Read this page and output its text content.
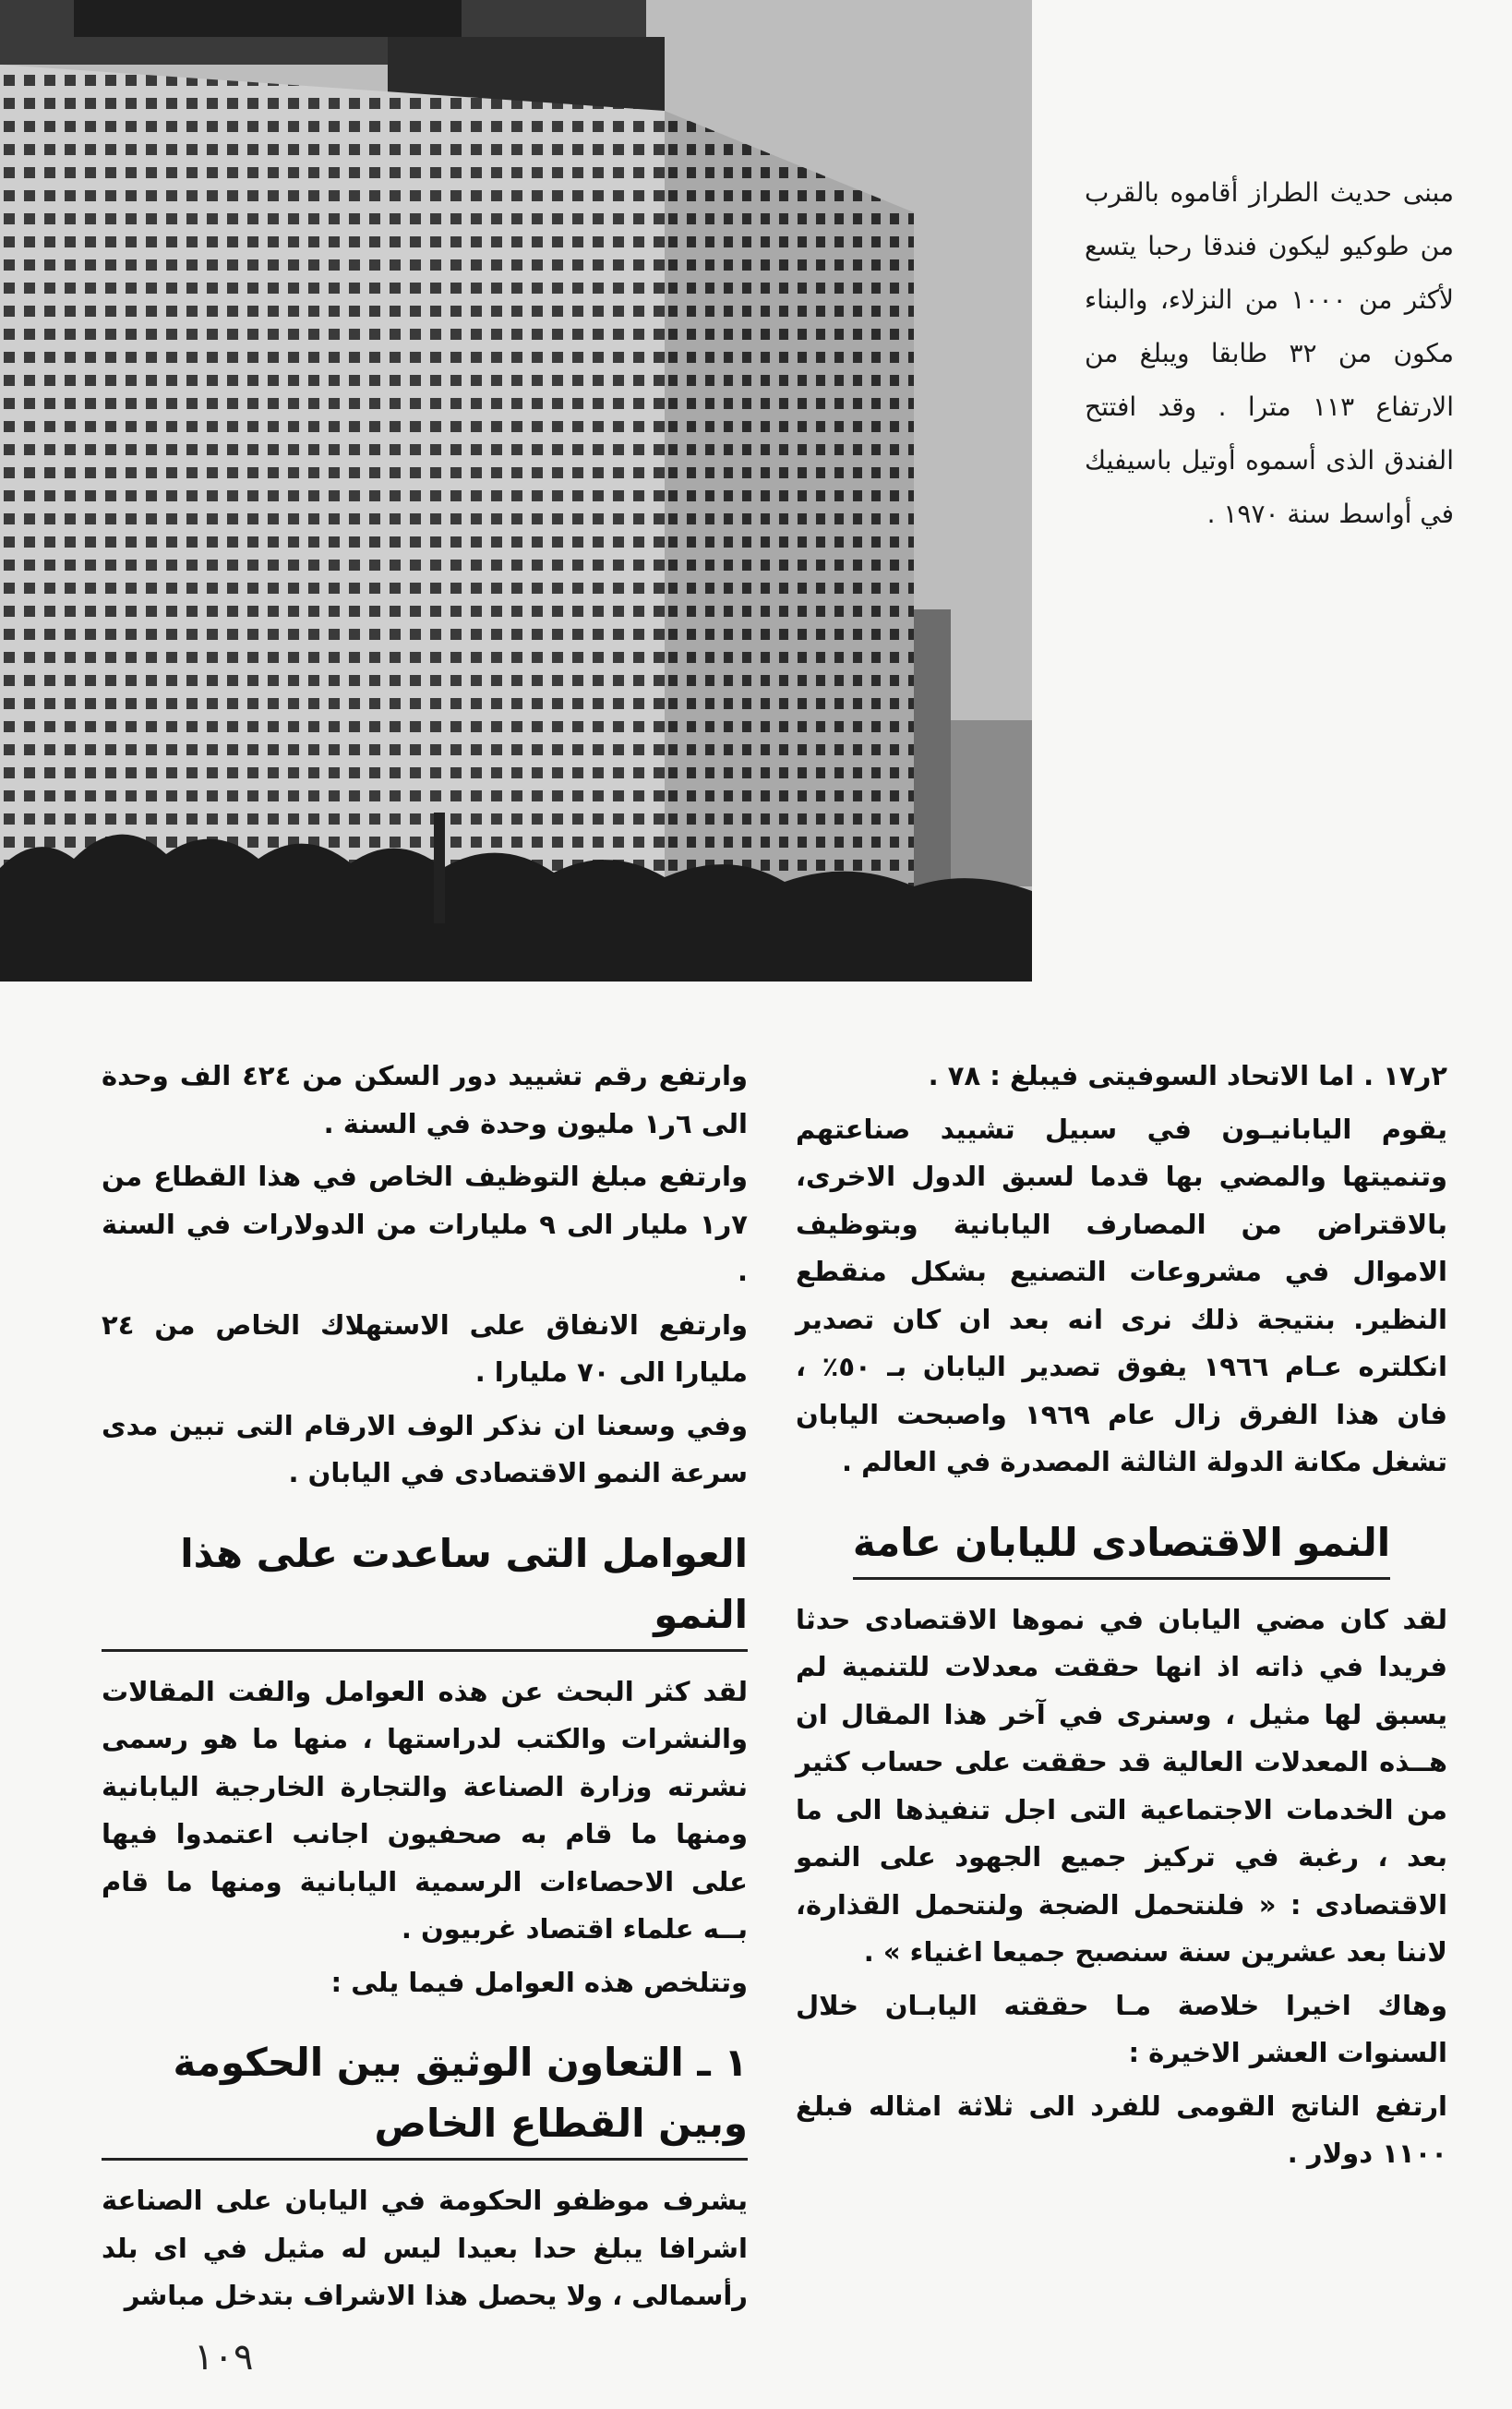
مبنى حديث الطراز أقاموه بالقرب من طوكيو ليكون فندقا رحبا يتسع لأكثر من ١٠٠٠ من النزلاء، والبناء مكون من ٣٢ طابقا ويبلغ من الارتفاع ١١٣ مترا . وقد افتتح الفندق الذى أسموه أوتيل باسيفيك في أواسط سنة ١٩٧٠ .

٢ر١٧ . اما الاتحاد السوفيتى فيبلغ : ٧٨ .

يقوم اليابانيـون في سبيل تشييد صناعتهم وتنميتها والمضي بها قدما لسبق الدول الاخرى، بالاقتراض من المصارف اليابانية وبتوظيف الاموال في مشروعات التصنيع بشكل منقطع النظير. بنتيجة ذلك نرى انه بعد ان كان تصدير انكلتره عـام ١٩٦٦ يفوق تصدير اليابان بـ ٥٠٪ ، فان هذا الفرق زال عام ١٩٦٩ واصبحت اليابان تشغل مكانة الدولة الثالثة المصدرة في العالم .

النمو الاقتصادى لليابان عامة

لقد كان مضي اليابان في نموها الاقتصادى حدثا فريدا في ذاته اذ انها حققت معدلات للتنمية لم يسبق لها مثيل ، وسنرى في آخر هذا المقال ان هــذه المعدلات العالية قد حققت على حساب كثير من الخدمات الاجتماعية التى اجل تنفيذها الى ما بعد ، رغبة في تركيز جميع الجهود على النمو الاقتصادى : « فلنتحمل الضجة ولنتحمل القذارة، لاننا بعد عشرين سنة سنصبح جميعا اغنياء » .

وهاك اخيرا خلاصة مـا حققته اليابـان خلال السنوات العشر الاخيرة :

ارتفع الناتج القومى للفرد الى ثلاثة امثاله فبلغ ١١٠٠ دولار .

وارتفع رقم تشييد دور السكن من ٤٢٤ الف وحدة الى ٦ر١ مليون وحدة في السنة .

وارتفع مبلغ التوظيف الخاص في هذا القطاع من ٧ر١ مليار الى ٩ مليارات من الدولارات في السنة .

وارتفع الانفاق على الاستهلاك الخاص من ٢٤ مليارا الى ٧٠ مليارا .

وفي وسعنا ان نذكر الوف الارقام التى تبين مدى سرعة النمو الاقتصادى في اليابان .

العوامل التى ساعدت على هذا النمو

لقد كثر البحث عن هذه العوامل والفت المقالات والنشرات والكتب لدراستها ، منها ما هو رسمى نشرته وزارة الصناعة والتجارة الخارجية اليابانية ومنها ما قام به صحفيون اجانب اعتمدوا فيها على الاحصاءات الرسمية اليابانية ومنها ما قام بــه علماء اقتصاد غربيون .

وتتلخص هذه العوامل فيما يلى :

١ ـ التعاون الوثيق بين الحكومة وبين القطاع الخاص

يشرف موظفو الحكومة في اليابان على الصناعة اشرافا يبلغ حدا بعيدا ليس له مثيل في اى بلد رأسمالى ، ولا يحصل هذا الاشراف بتدخل مباشر

١٠٩
